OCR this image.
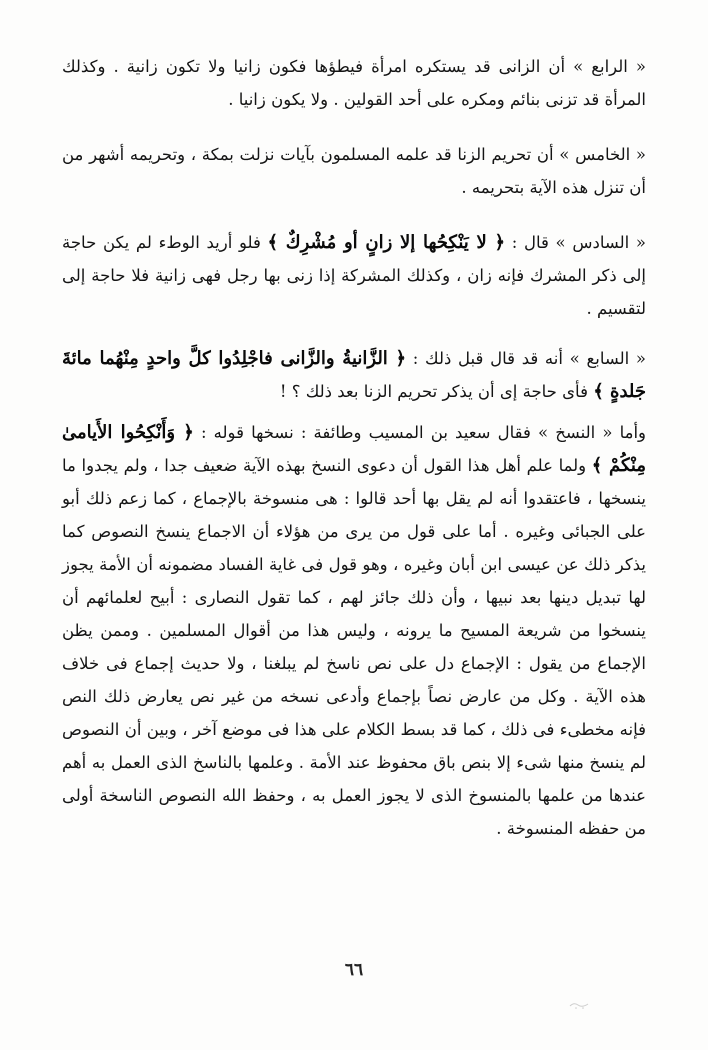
« الرابع » أن الزانى قد يستكره امرأة فيطؤها فكون زانيا ولا تكون زانية . وكذلك المرأة قد تزنى بنائم ومكره على أحد القولين . ولا يكون زانيا .

« الخامس » أن تحريم الزنا قد علمه المسلمون بآيات نزلت بمكة ، وتحريمه أشهر من أن تنزل هذه الآية بتحريمه .

« السادس » قال : ﴿ لا يَنْكِحُها إلا زانٍ أو مُشْرِكٌ ﴾ فلو أريد الوطء لم يكن حاجة إلى ذكر المشرك فإنه زان ، وكذلك المشركة إذا زنى بها رجل فهى زانية فلا حاجة إلى لتقسيم .

« السابع » أنه قد قال قبل ذلك : ﴿ الزَّانيةُ والزَّانى فاجْلِدُوا كلَّ واحدٍ مِنْهُما مائةَ جَلدةٍ ﴾ فأى حاجة إى أن يذكر تحريم الزنا بعد ذلك ؟ !

وأما « النسخ » فقال سعيد بن المسيب وطائفة : نسخها قوله : ﴿ وَأَنْكِحُوا الأَيامىٰ مِنْكُمْ ﴾ ولما علم أهل هذا القول أن دعوى النسخ بهذه الآية ضعيف جدا ، ولم يجدوا ما ينسخها ، فاعتقدوا أنه لم يقل بها أحد قالوا : هى منسوخة بالإجماع ، كما زعم ذلك أبو على الجبائى وغيره . أما على قول من يرى من هؤلاء أن الاجماع ينسخ النصوص كما يذكر ذلك عن عيسى ابن أبان وغيره ، وهو قول فى غاية الفساد مضمونه أن الأمة يجوز لها تبديل دينها بعد نبيها ، وأن ذلك جائز لهم ، كما تقول النصارى : أبيح لعلمائهم أن ينسخوا من شريعة المسيح ما يرونه ، وليس هذا من أقوال المسلمين . وممن يظن الإجماع من يقول : الإجماع دل على نص ناسخ لم يبلغنا ، ولا حديث إجماع فى خلاف هذه الآية . وكل من عارض نصاً بإجماع وأدعى نسخه من غير نص يعارض ذلك النص فإنه مخطىء فى ذلك ، كما قد بسط الكلام على هذا فى موضع آخر ، وبين أن النصوص لم ينسخ منها شىء إلا بنص باق محفوظ عند الأمة . وعلمها بالناسخ الذى العمل به أهم عندها من علمها بالمنسوخ الذى لا يجوز العمل به ، وحفظ الله النصوص الناسخة أولى من حفظه المنسوخة .

٦٦
